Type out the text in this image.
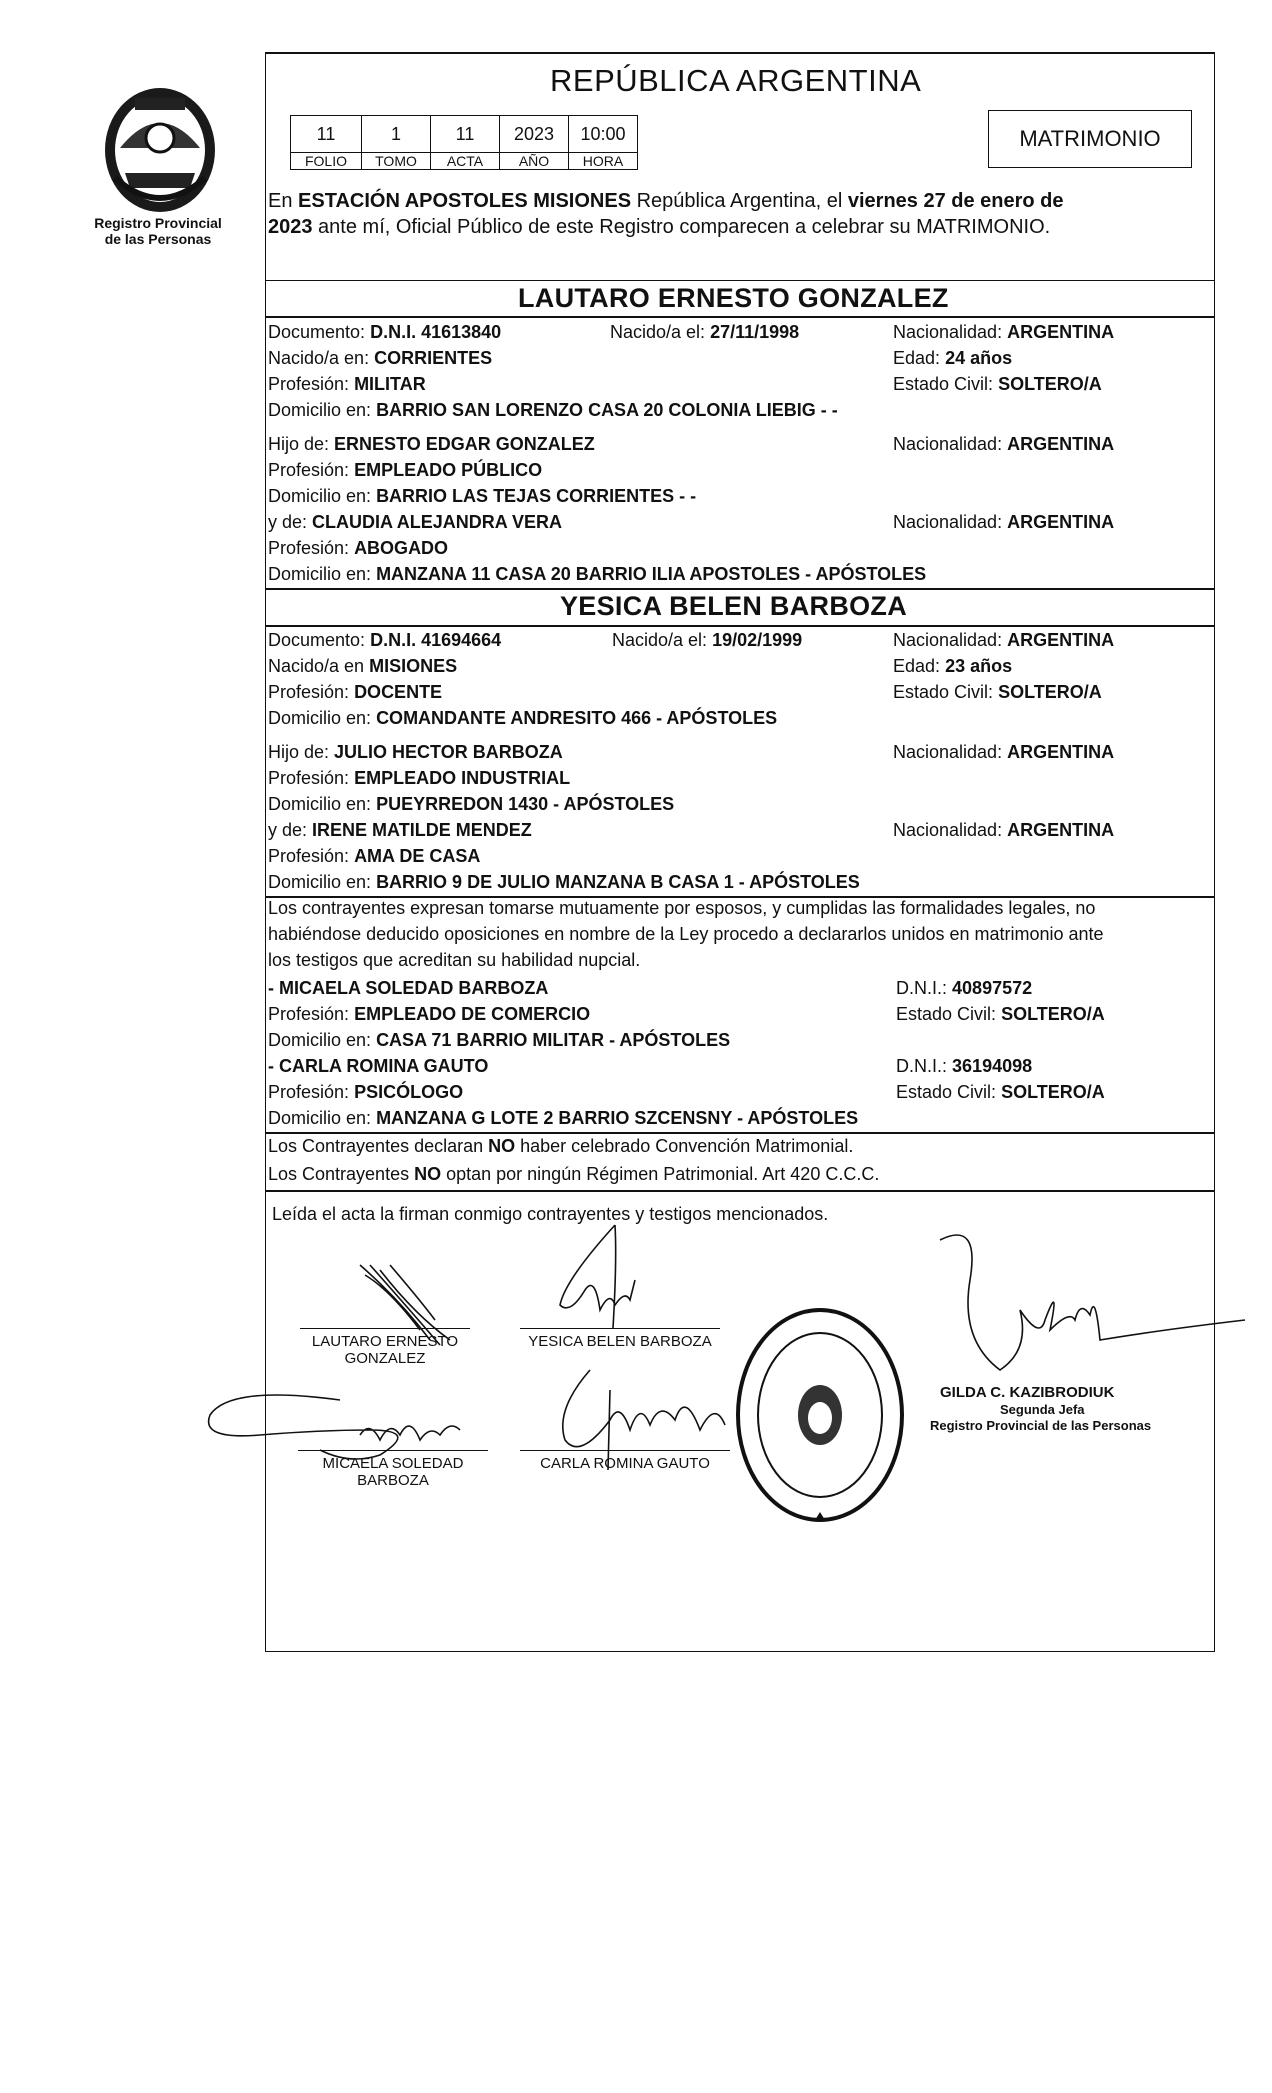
Registro Provincial
de las Personas
REPÚBLICA ARGENTINA
11	1	11	2023	10:00
FOLIO	TOMO	ACTA	AÑO	HORA
MATRIMONIO
En ESTACIÓN APOSTOLES MISIONES República Argentina, el viernes 27 de enero de
2023 ante mí, Oficial Público de este Registro comparecen a celebrar su MATRIMONIO.
LAUTARO ERNESTO GONZALEZ
Documento: D.N.I. 41613840	Nacido/a el: 27/11/1998	Nacionalidad: ARGENTINA
Nacido/a en: CORRIENTES	Edad: 24 años
Profesión: MILITAR	Estado Civil: SOLTERO/A
Domicilio en: BARRIO SAN LORENZO CASA 20 COLONIA LIEBIG - -
Hijo de: ERNESTO EDGAR GONZALEZ	Nacionalidad: ARGENTINA
Profesión: EMPLEADO PÚBLICO
Domicilio en: BARRIO LAS TEJAS CORRIENTES - -
y de: CLAUDIA ALEJANDRA VERA	Nacionalidad: ARGENTINA
Profesión: ABOGADO
Domicilio en: MANZANA 11 CASA 20 BARRIO ILIA APOSTOLES - APÓSTOLES
YESICA BELEN BARBOZA
Documento: D.N.I. 41694664	Nacido/a el: 19/02/1999	Nacionalidad: ARGENTINA
Nacido/a en MISIONES	Edad: 23 años
Profesión: DOCENTE	Estado Civil: SOLTERO/A
Domicilio en: COMANDANTE ANDRESITO 466 - APÓSTOLES
Hijo de: JULIO HECTOR BARBOZA	Nacionalidad: ARGENTINA
Profesión: EMPLEADO INDUSTRIAL
Domicilio en: PUEYRREDON 1430 - APÓSTOLES
y de: IRENE MATILDE MENDEZ	Nacionalidad: ARGENTINA
Profesión: AMA DE CASA
Domicilio en: BARRIO 9 DE JULIO MANZANA B CASA 1 - APÓSTOLES
Los contrayentes expresan tomarse mutuamente por esposos, y cumplidas las formalidades legales, no
habiéndose deducido oposiciones en nombre de la Ley procedo a declararlos unidos en matrimonio ante
los testigos que acreditan su habilidad nupcial.
- MICAELA SOLEDAD BARBOZA	D.N.I.: 40897572
Profesión: EMPLEADO DE COMERCIO	Estado Civil: SOLTERO/A
Domicilio en: CASA 71 BARRIO MILITAR - APÓSTOLES
- CARLA ROMINA GAUTO	D.N.I.: 36194098
Profesión: PSICÓLOGO	Estado Civil: SOLTERO/A
Domicilio en: MANZANA G LOTE 2 BARRIO SZCENSNY - APÓSTOLES
Los Contrayentes declaran NO haber celebrado Convención Matrimonial.
Los Contrayentes NO optan por ningún Régimen Patrimonial. Art 420 C.C.C.
Leída el acta la firman conmigo contrayentes y testigos mencionados.
LAUTARO ERNESTO
GONZALEZ
YESICA BELEN BARBOZA
MICAELA SOLEDAD
BARBOZA
CARLA ROMINA GAUTO
GILDA C. KAZIBRODIUK
Segunda Jefa
Registro Provincial de las Personas
